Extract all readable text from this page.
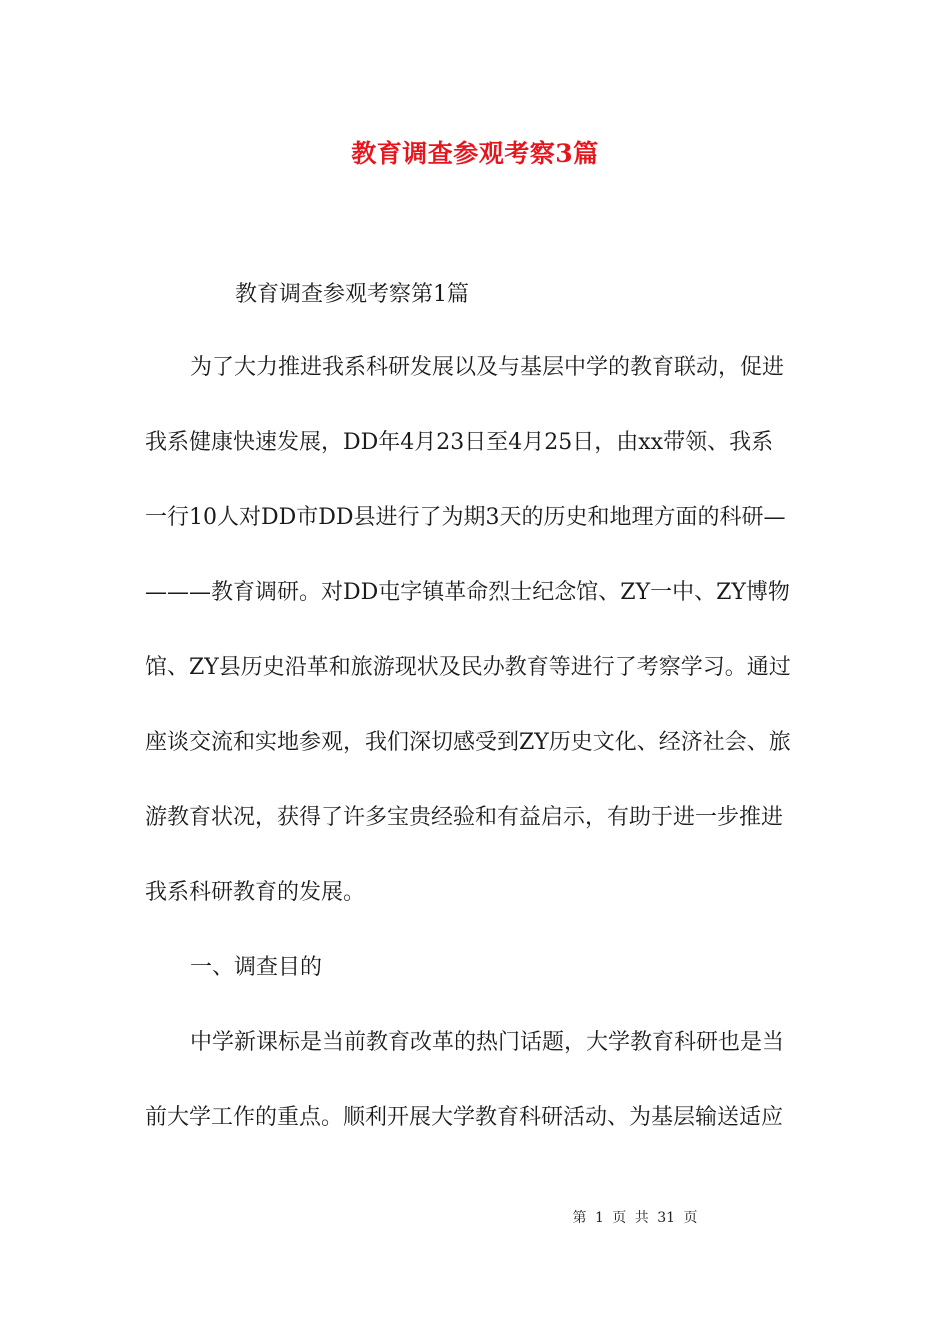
教育调查参观考察3篇
教育调查参观考察第1篇
为了大力推进我系科研发展以及与基层中学的教育联动，促进
我系健康快速发展，DD年4月23日至4月25日，由xx带领、我系
一行10人对DD市DD县进行了为期3天的历史和地理方面的科研—
———教育调研。对DD屯字镇革命烈士纪念馆、ZY一中、ZY博物
馆、ZY县历史沿革和旅游现状及民办教育等进行了考察学习。通过
座谈交流和实地参观，我们深切感受到ZY历史文化、经济社会、旅
游教育状况，获得了许多宝贵经验和有益启示，有助于进一步推进
我系科研教育的发展。
一、调查目的
中学新课标是当前教育改革的热门话题，大学教育科研也是当
前大学工作的重点。顺利开展大学教育科研活动、为基层输送适应
第 1 页 共 31 页
